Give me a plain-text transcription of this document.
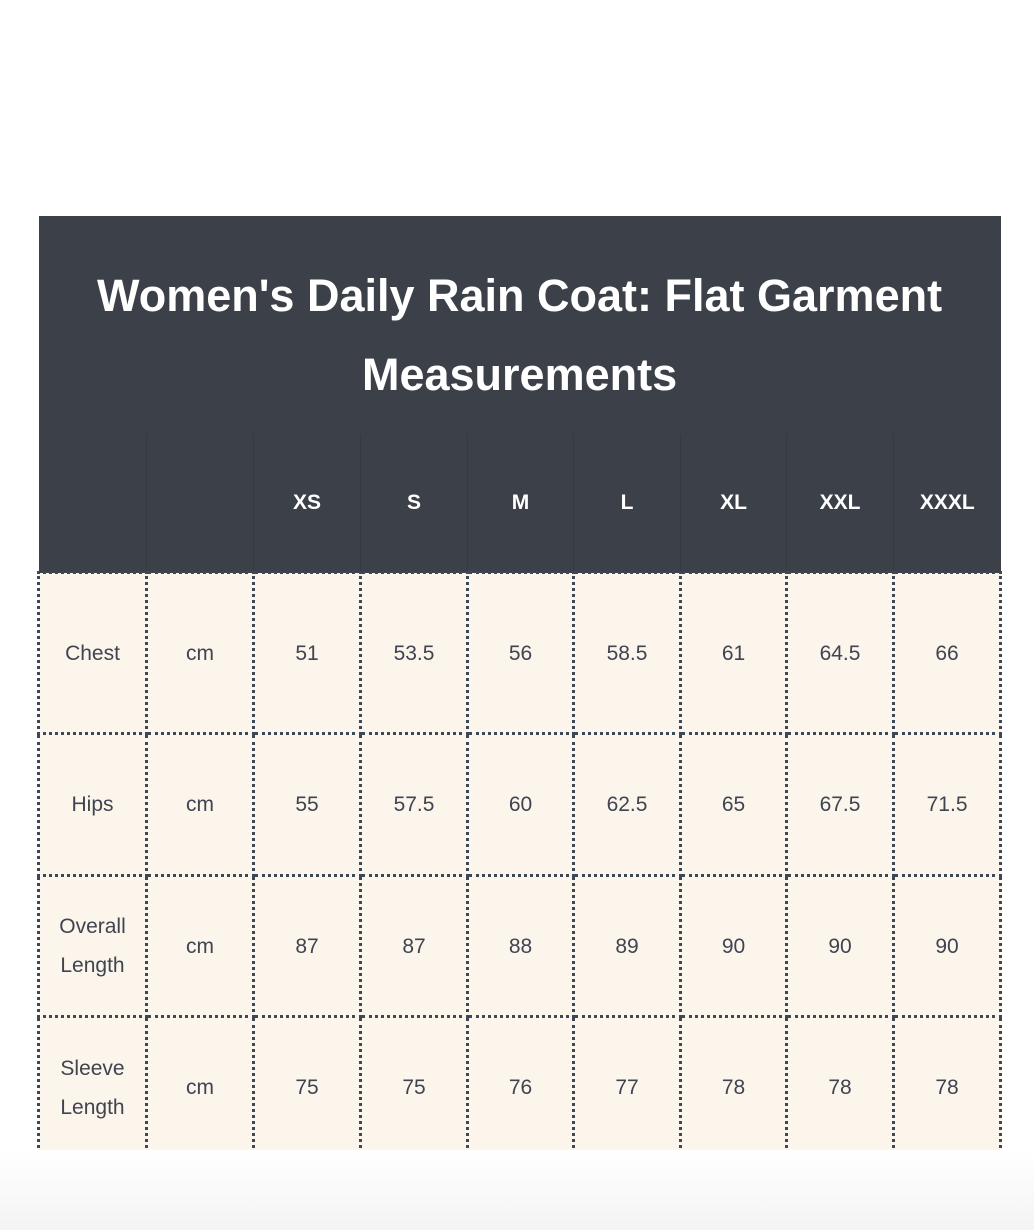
Women's Daily Rain Coat: Flat Garment Measurements								
		XS	S	M	L	XL	XXL	XXXL
Chest	cm	51	53.5	56	58.5	61	64.5	66
Hips	cm	55	57.5	60	62.5	65	67.5	71.5
Overall Length	cm	87	87	88	89	90	90	90
Sleeve Length	cm	75	75	76	77	78	78	78
